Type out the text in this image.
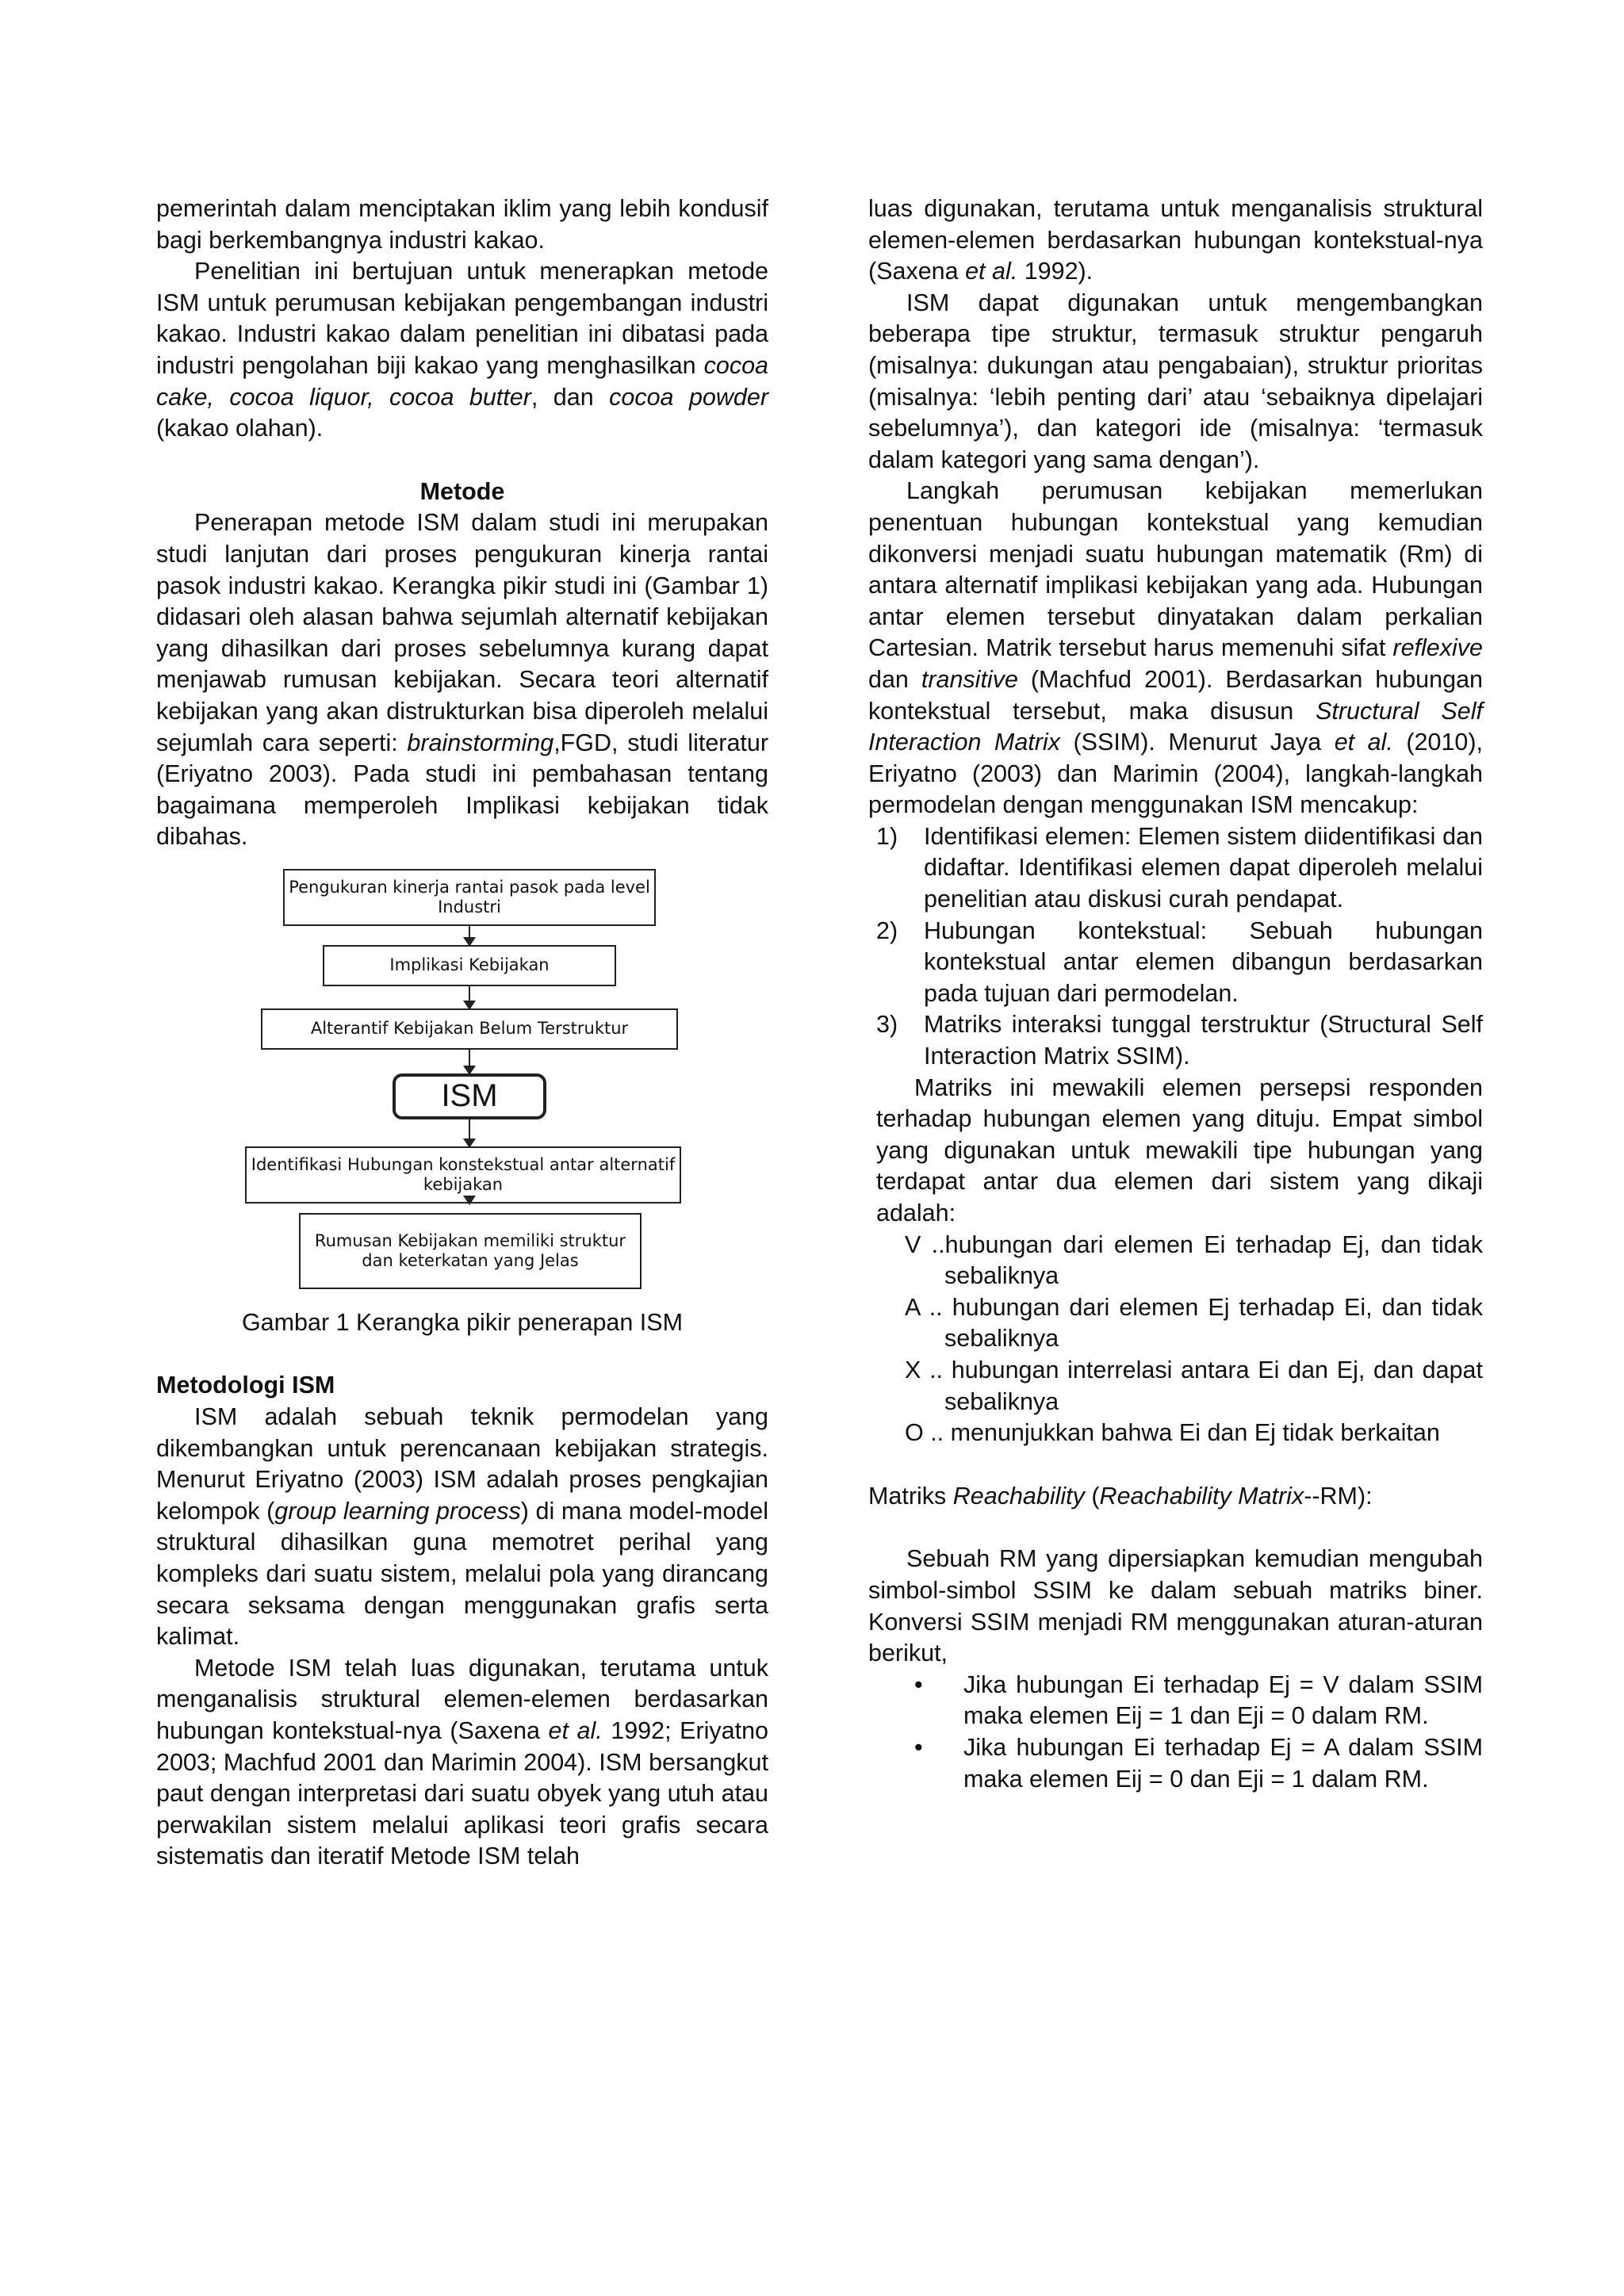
pemerintah dalam menciptakan iklim yang lebih kondusif bagi berkembangnya industri kakao.

Penelitian ini bertujuan untuk menerapkan metode ISM untuk perumusan kebijakan pengembangan industri kakao. Industri kakao dalam penelitian ini dibatasi pada industri pengolahan biji kakao yang menghasilkan cocoa cake, cocoa liquor, cocoa butter, dan cocoa powder (kakao olahan).

Metode

Penerapan metode ISM dalam studi ini merupakan studi lanjutan dari proses pengukuran kinerja rantai pasok industri kakao. Kerangka pikir studi ini (Gambar 1) didasari oleh alasan bahwa sejumlah alternatif kebijakan yang dihasilkan dari proses sebelumnya kurang dapat menjawab rumusan kebijakan. Secara teori alternatif kebijakan yang akan distrukturkan bisa diperoleh melalui sejumlah cara seperti: brainstorming,FGD, studi literatur (Eriyatno 2003). Pada studi ini pembahasan tentang bagaimana memperoleh Implikasi kebijakan tidak dibahas.

Pengukuran kinerja rantai pasok pada level Industri
Implikasi Kebijakan
Alterantif Kebijakan Belum Terstruktur
ISM
Identifikasi Hubungan konstekstual antar alternatif kebijakan
Rumusan Kebijakan memiliki struktur dan keterkatan yang Jelas

Gambar 1 Kerangka pikir penerapan ISM

Metodologi ISM

ISM adalah sebuah teknik permodelan yang dikembangkan untuk perencanaan kebijakan strategis. Menurut Eriyatno (2003) ISM adalah proses pengkajian kelompok (group learning process) di mana model-model struktural dihasilkan guna memotret perihal yang kompleks dari suatu sistem, melalui pola yang dirancang secara seksama dengan menggunakan grafis serta kalimat.

Metode ISM telah luas digunakan, terutama untuk menganalisis struktural elemen-elemen berdasarkan hubungan kontekstual-nya (Saxena et al. 1992; Eriyatno 2003; Machfud 2001 dan Marimin 2004). ISM bersangkut paut dengan interpretasi dari suatu obyek yang utuh atau perwakilan sistem melalui aplikasi teori grafis secara sistematis dan iteratif Metode ISM telah

luas digunakan, terutama untuk menganalisis struktural elemen-elemen berdasarkan hubungan kontekstual-nya (Saxena et al. 1992).

ISM dapat digunakan untuk mengembangkan beberapa tipe struktur, termasuk struktur pengaruh (misalnya: dukungan atau pengabaian), struktur prioritas (misalnya: ‘lebih penting dari’ atau ‘sebaiknya dipelajari sebelumnya’), dan kategori ide (misalnya: ‘termasuk dalam kategori yang sama dengan’).

Langkah perumusan kebijakan memerlukan penentuan hubungan kontekstual yang kemudian dikonversi menjadi suatu hubungan matematik (Rm) di antara alternatif implikasi kebijakan yang ada. Hubungan antar elemen tersebut dinyatakan dalam perkalian Cartesian. Matrik tersebut harus memenuhi sifat reflexive dan transitive (Machfud 2001). Berdasarkan hubungan kontekstual tersebut, maka disusun Structural Self Interaction Matrix (SSIM). Menurut Jaya et al. (2010), Eriyatno (2003) dan Marimin (2004), langkah-langkah permodelan dengan menggunakan ISM mencakup:

1)	Identifikasi elemen: Elemen sistem diidentifikasi dan didaftar. Identifikasi elemen dapat diperoleh melalui penelitian atau diskusi curah pendapat.
2)	Hubungan kontekstual: Sebuah hubungan kontekstual antar elemen dibangun berdasarkan pada tujuan dari permodelan.
3)	Matriks interaksi tunggal terstruktur (Structural Self Interaction Matrix SSIM).

Matriks ini mewakili elemen persepsi responden terhadap hubungan elemen yang dituju. Empat simbol yang digunakan untuk mewakili tipe hubungan yang terdapat antar dua elemen dari sistem yang dikaji adalah:

V ..hubungan dari elemen Ei terhadap Ej, dan tidak sebaliknya
A .. hubungan dari elemen Ej terhadap Ei, dan tidak sebaliknya
X .. hubungan interrelasi antara Ei dan Ej, dan dapat sebaliknya
O .. menunjukkan bahwa Ei dan Ej tidak berkaitan

Matriks Reachability (Reachability Matrix--RM):

Sebuah RM yang dipersiapkan kemudian mengubah simbol-simbol SSIM ke dalam sebuah matriks biner. Konversi SSIM menjadi RM menggunakan aturan-aturan berikut,

•	Jika hubungan Ei terhadap Ej = V dalam SSIM maka elemen Eij = 1 dan Eji = 0 dalam RM.
•	Jika hubungan Ei terhadap Ej = A dalam SSIM maka elemen Eij = 0 dan Eji = 1 dalam RM.
